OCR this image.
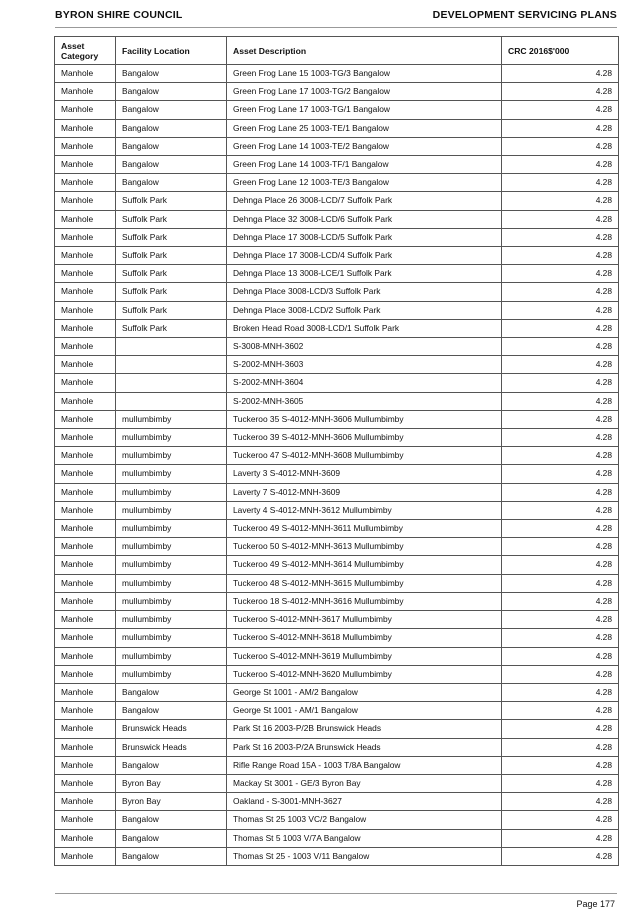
BYRON SHIRE COUNCIL	DEVELOPMENT SERVICING PLANS
Asset Category	Facility Location	Asset Description	CRC 2016$'000
Manhole	Bangalow	Green Frog Lane 15 1003-TG/3 Bangalow	4.28
Manhole	Bangalow	Green Frog Lane 17 1003-TG/2 Bangalow	4.28
Manhole	Bangalow	Green Frog Lane 17 1003-TG/1 Bangalow	4.28
Manhole	Bangalow	Green Frog Lane 25 1003-TE/1 Bangalow	4.28
Manhole	Bangalow	Green Frog Lane 14 1003-TE/2 Bangalow	4.28
Manhole	Bangalow	Green Frog Lane 14 1003-TF/1 Bangalow	4.28
Manhole	Bangalow	Green Frog Lane 12 1003-TE/3 Bangalow	4.28
Manhole	Suffolk Park	Dehnga Place 26 3008-LCD/7 Suffolk Park	4.28
Manhole	Suffolk Park	Dehnga Place 32 3008-LCD/6 Suffolk Park	4.28
Manhole	Suffolk Park	Dehnga Place 17 3008-LCD/5 Suffolk Park	4.28
Manhole	Suffolk Park	Dehnga Place 17 3008-LCD/4 Suffolk Park	4.28
Manhole	Suffolk Park	Dehnga Place 13 3008-LCE/1 Suffolk Park	4.28
Manhole	Suffolk Park	Dehnga Place 3008-LCD/3 Suffolk Park	4.28
Manhole	Suffolk Park	Dehnga Place 3008-LCD/2 Suffolk Park	4.28
Manhole	Suffolk Park	Broken Head Road 3008-LCD/1 Suffolk Park	4.28
Manhole		S-3008-MNH-3602	4.28
Manhole		S-2002-MNH-3603	4.28
Manhole		S-2002-MNH-3604	4.28
Manhole		S-2002-MNH-3605	4.28
Manhole	mullumbimby	Tuckeroo 35 S-4012-MNH-3606 Mullumbimby	4.28
Manhole	mullumbimby	Tuckeroo 39 S-4012-MNH-3606 Mullumbimby	4.28
Manhole	mullumbimby	Tuckeroo 47 S-4012-MNH-3608 Mullumbimby	4.28
Manhole	mullumbimby	Laverty 3 S-4012-MNH-3609	4.28
Manhole	mullumbimby	Laverty 7 S-4012-MNH-3609	4.28
Manhole	mullumbimby	Laverty 4 S-4012-MNH-3612 Mullumbimby	4.28
Manhole	mullumbimby	Tuckeroo 49 S-4012-MNH-3611 Mullumbimby	4.28
Manhole	mullumbimby	Tuckeroo 50 S-4012-MNH-3613 Mullumbimby	4.28
Manhole	mullumbimby	Tuckeroo 49 S-4012-MNH-3614 Mullumbimby	4.28
Manhole	mullumbimby	Tuckeroo 48 S-4012-MNH-3615 Mullumbimby	4.28
Manhole	mullumbimby	Tuckeroo 18 S-4012-MNH-3616 Mullumbimby	4.28
Manhole	mullumbimby	Tuckeroo S-4012-MNH-3617 Mullumbimby	4.28
Manhole	mullumbimby	Tuckeroo S-4012-MNH-3618 Mullumbimby	4.28
Manhole	mullumbimby	Tuckeroo S-4012-MNH-3619 Mullumbimby	4.28
Manhole	mullumbimby	Tuckeroo S-4012-MNH-3620 Mullumbimby	4.28
Manhole	Bangalow	George St 1001 - AM/2 Bangalow	4.28
Manhole	Bangalow	George St 1001 - AM/1 Bangalow	4.28
Manhole	Brunswick Heads	Park St 16 2003-P/2B Brunswick Heads	4.28
Manhole	Brunswick Heads	Park St 16 2003-P/2A Brunswick Heads	4.28
Manhole	Bangalow	Rifle Range Road 15A - 1003 T/8A Bangalow	4.28
Manhole	Byron Bay	Mackay St 3001 - GE/3 Byron Bay	4.28
Manhole	Byron Bay	Oakland - S-3001-MNH-3627	4.28
Manhole	Bangalow	Thomas St 25 1003 VC/2 Bangalow	4.28
Manhole	Bangalow	Thomas St 5 1003 V/7A Bangalow	4.28
Manhole	Bangalow	Thomas St 25 - 1003 V/11 Bangalow	4.28
Page 177
